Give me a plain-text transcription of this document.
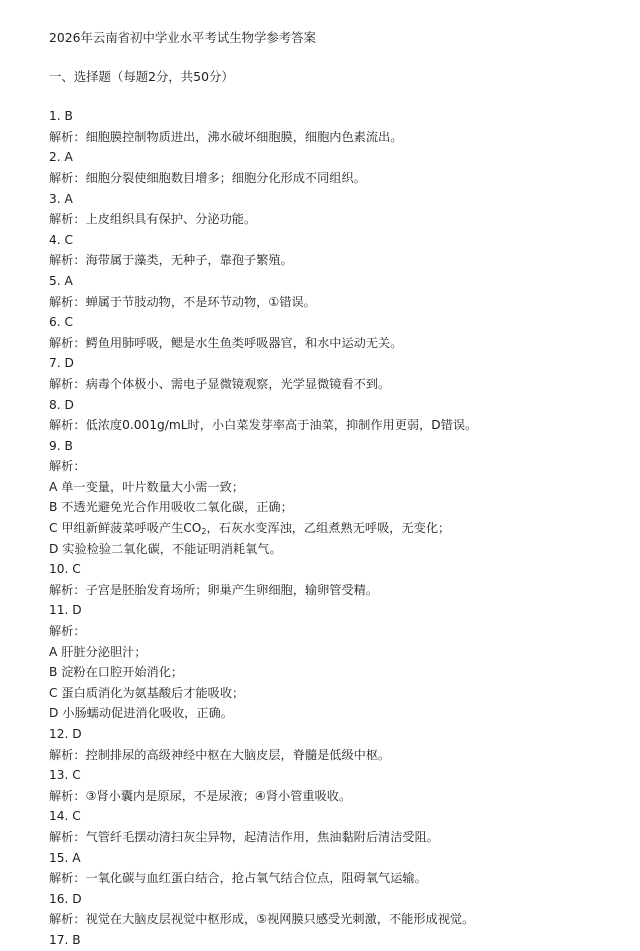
2026年云南省初中学业水平考试生物学参考答案
一、选择题（每题2分，共50分）
1. B
解析：细胞膜控制物质进出，沸水破坏细胞膜，细胞内色素流出。
2. A
解析：细胞分裂使细胞数目增多；细胞分化形成不同组织。
3. A
解析：上皮组织具有保护、分泌功能。
4. C
解析：海带属于藻类，无种子，靠孢子繁殖。
5. A
解析：蝉属于节肢动物，不是环节动物，①错误。
6. C
解析：鳄鱼用肺呼吸，鳃是水生鱼类呼吸器官，和水中运动无关。
7. D
解析：病毒个体极小、需电子显微镜观察，光学显微镜看不到。
8. D
解析：低浓度0.001g/mL时，小白菜发芽率高于油菜，抑制作用更弱，D错误。
9. B
解析：
A 单一变量，叶片数量大小需一致；
B 不透光避免光合作用吸收二氧化碳，正确；
C 甲组新鲜菠菜呼吸产生$CO_2$，石灰水变浑浊，乙组煮熟无呼吸，无变化；
D 实验检验二氧化碳，不能证明消耗氧气。
10. C
解析：子宫是胚胎发育场所；卵巢产生卵细胞，输卵管受精。
11. D
解析：
A 肝脏分泌胆汁；
B 淀粉在口腔开始消化；
C 蛋白质消化为氨基酸后才能吸收；
D 小肠蠕动促进消化吸收，正确。
12. D
解析：控制排尿的高级神经中枢在大脑皮层，脊髓是低级中枢。
13. C
解析：③肾小囊内是原尿，不是尿液；④肾小管重吸收。
14. C
解析：气管纤毛摆动清扫灰尘异物，起清洁作用，焦油黏附后清洁受阻。
15. A
解析：一氧化碳与血红蛋白结合，抢占氧气结合位点，阻碍氧气运输。
16. D
解析：视觉在大脑皮层视觉中枢形成，⑤视网膜只感受光刺激，不能形成视觉。
17. B
